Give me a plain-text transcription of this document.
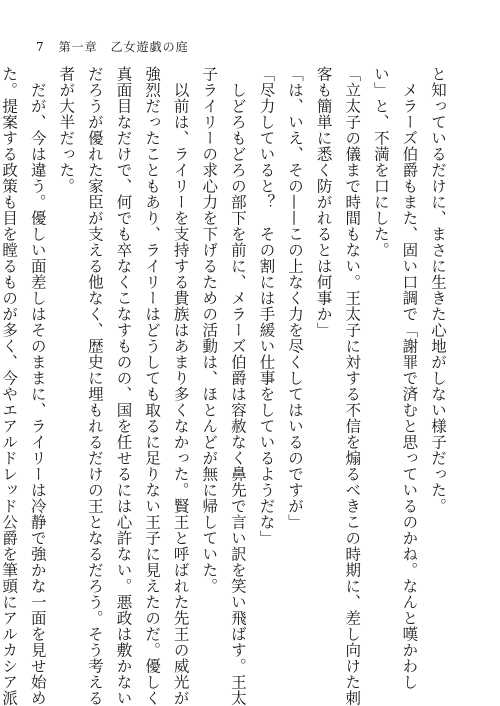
7 第一章　乙女遊戯の庭
と知っているだけに、まさに生きた心地がしない様子だった。
　メラーズ伯爵もまた、固い口調で「謝罪で済むと思っているのかね。なんと嘆かわし
い」と、不満を口にした。
「立太子の儀まで時間もない。王太子に対する不信を煽るべきこの時期に、差し向けた刺
客も簡単に悉く防がれるとは何事か」
「は、いえ、その——この上なく力を尽くしてはいるのですが」
「尽力していると？　その割には手緩い仕事をしているようだな」
　しどろもどろの部下を前に、メラーズ伯爵は容赦なく鼻先で言い訳を笑い飛ばす。王太
子ライリーの求心力を下げるための活動は、ほとんどが無に帰していた。
　以前は、ライリーを支持する貴族はあまり多くなかった。賢王と呼ばれた先王の威光が
強烈だったこともあり、ライリーはどうしても取るに足りない王子に見えたのだ。優しく
真面目なだけで、何でも卒なくこなすものの、国を任せるには心許ない。悪政は敷かない
だろうが優れた家臣が支える他なく、歴史に埋もれるだけの王となるだろう。そう考える
者が大半だった。
　だが、今は違う。優しい面差しはそのままに、ライリーは冷静で強かな一面を見せ始め
た。提案する政策も目を瞠るものが多く、今やエアルドレッド公爵を筆頭にアルカシア派
